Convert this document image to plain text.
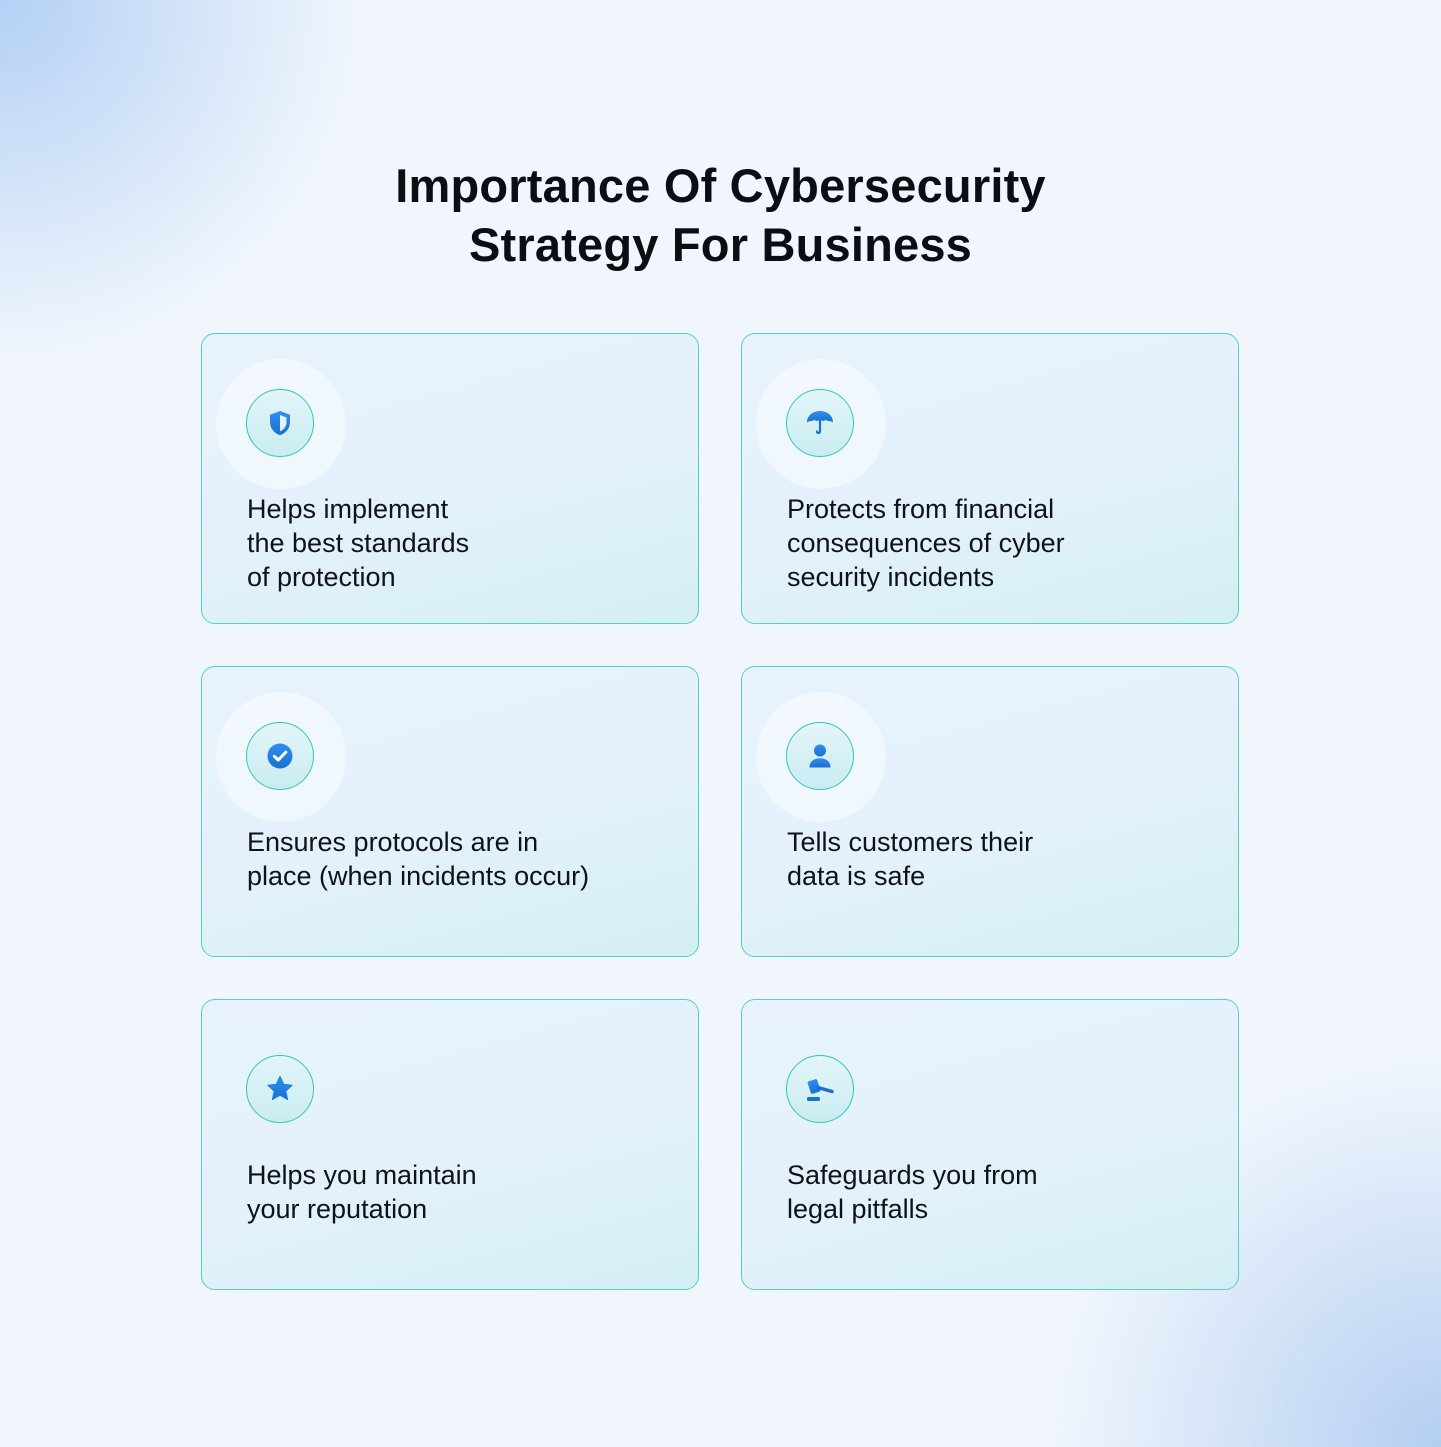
Importance Of Cybersecurity
Strategy For Business

Helps implement
the best standards
of protection

Protects from financial
consequences of cyber
security incidents

Ensures protocols are in
place (when incidents occur)

Tells customers their
data is safe

Helps you maintain
your reputation

Safeguards you from
legal pitfalls
